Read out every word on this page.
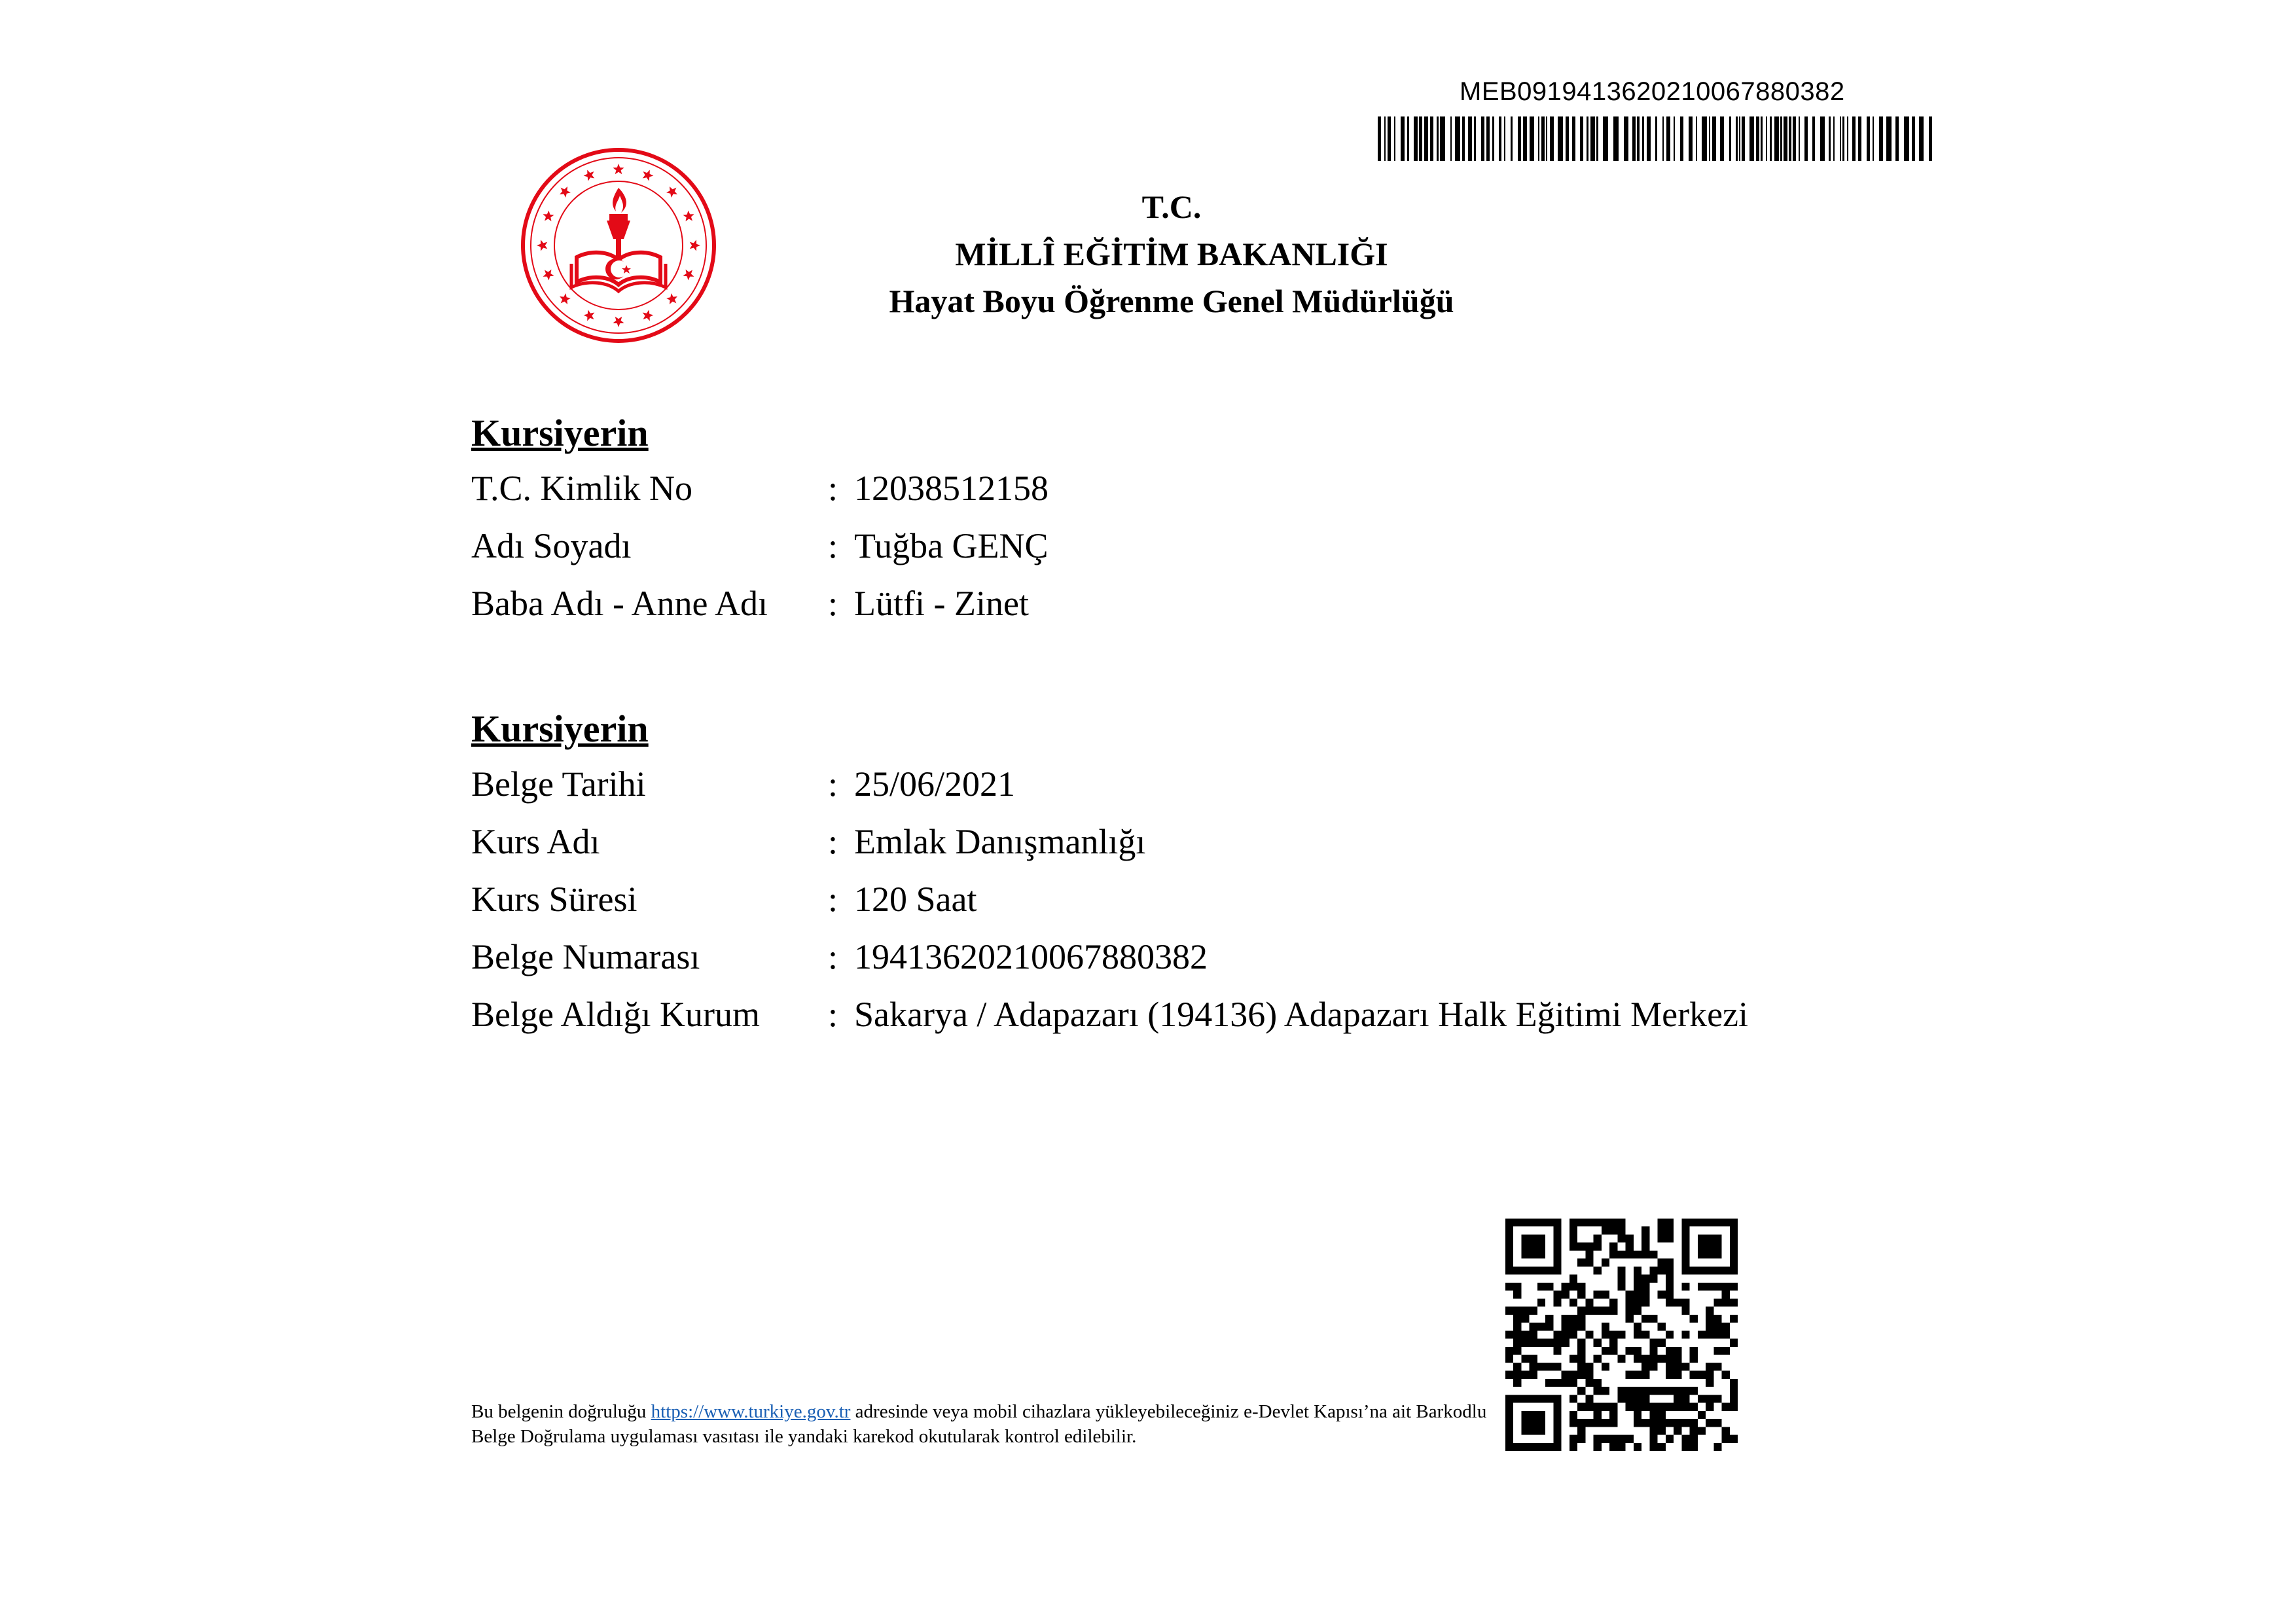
MEB0919413620210067880382
T.C.
MİLLÎ EĞİTİM BAKANLIĞI
Hayat Boyu Öğrenme Genel Müdürlüğü
Kursiyerin
T.C. Kimlik No	: 12038512158
Adı Soyadı	: Tuğba GENÇ
Baba Adı - Anne Adı : Lütfi - Zinet
Kursiyerin
Belge Tarihi	: 25/06/2021
Kurs Adı	: Emlak Danışmanlığı
Kurs Süresi	: 120 Saat
Belge Numarası	: 19413620210067880382
Belge Aldığı Kurum : Sakarya / Adapazarı (194136) Adapazarı Halk Eğitimi Merkezi
Bu belgenin doğruluğu https://www.turkiye.gov.tr adresinde veya mobil cihazlara yükleyebileceğiniz e-Devlet Kapısı’na ait Barkodlu Belge Doğrulama uygulaması vasıtası ile yandaki karekod okutularak kontrol edilebilir.
